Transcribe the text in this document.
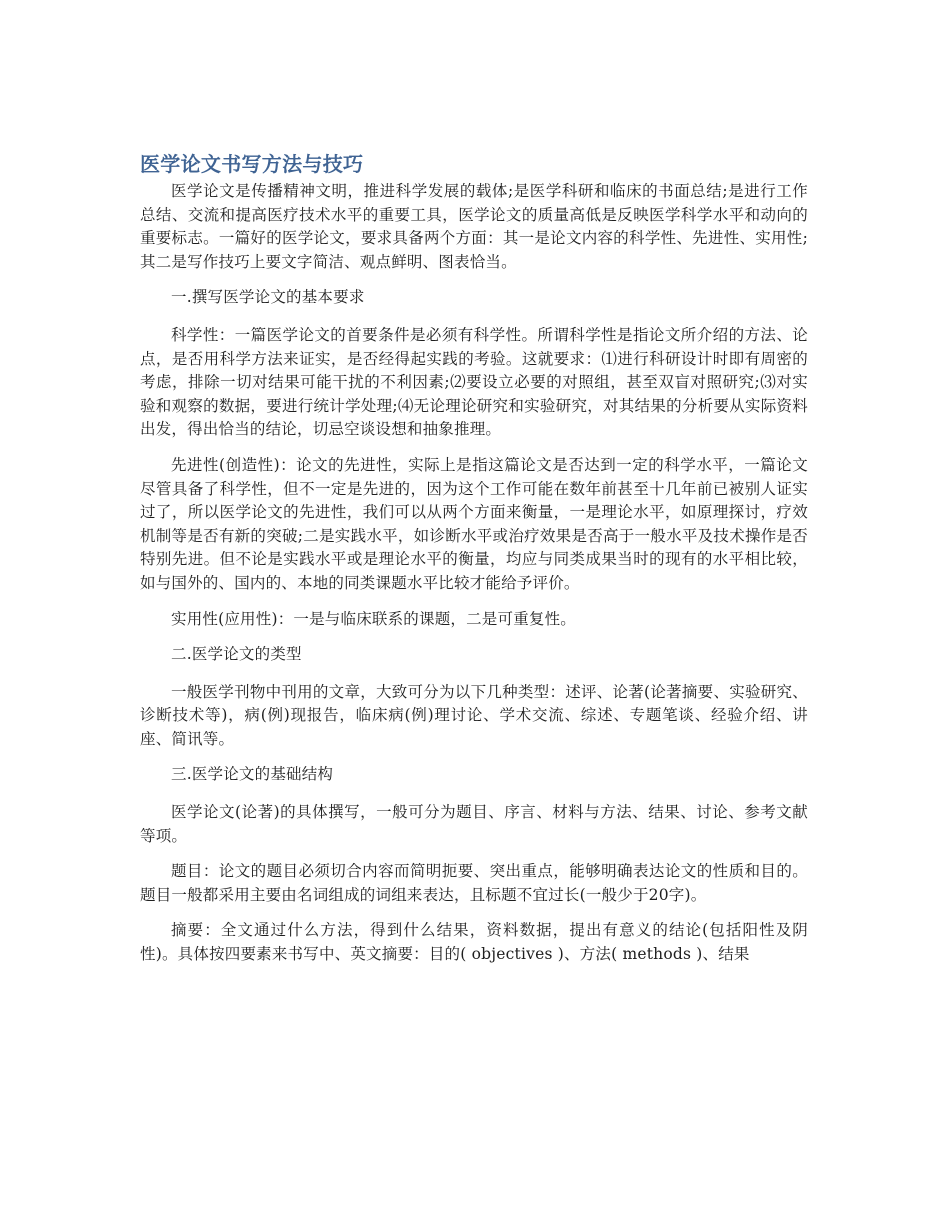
医学论文书写方法与技巧

医学论文是传播精神文明，推进科学发展的载体;是医学科研和临床的书面总结;是进行工作总结、交流和提高医疗技术水平的重要工具，医学论文的质量高低是反映医学科学水平和动向的重要标志。一篇好的医学论文，要求具备两个方面：其一是论文内容的科学性、先进性、实用性;其二是写作技巧上要文字简洁、观点鲜明、图表恰当。

一.撰写医学论文的基本要求

科学性：一篇医学论文的首要条件是必须有科学性。所谓科学性是指论文所介绍的方法、论点，是否用科学方法来证实，是否经得起实践的考验。这就要求：⑴进行科研设计时即有周密的考虑，排除一切对结果可能干扰的不利因素;⑵要设立必要的对照组，甚至双盲对照研究;⑶对实验和观察的数据，要进行统计学处理;⑷无论理论研究和实验研究，对其结果的分析要从实际资料出发，得出恰当的结论，切忌空谈设想和抽象推理。

先进性(创造性)：论文的先进性，实际上是指这篇论文是否达到一定的科学水平，一篇论文尽管具备了科学性，但不一定是先进的，因为这个工作可能在数年前甚至十几年前已被别人证实过了，所以医学论文的先进性，我们可以从两个方面来衡量，一是理论水平，如原理探讨，疗效机制等是否有新的突破;二是实践水平，如诊断水平或治疗效果是否高于一般水平及技术操作是否特别先进。但不论是实践水平或是理论水平的衡量，均应与同类成果当时的现有的水平相比较，如与国外的、国内的、本地的同类课题水平比较才能给予评价。

实用性(应用性)：一是与临床联系的课题，二是可重复性。

二.医学论文的类型

一般医学刊物中刊用的文章，大致可分为以下几种类型：述评、论著(论著摘要、实验研究、诊断技术等)，病(例)现报告，临床病(例)理讨论、学术交流、综述、专题笔谈、经验介绍、讲座、简讯等。

三.医学论文的基础结构

医学论文(论著)的具体撰写，一般可分为题目、序言、材料与方法、结果、讨论、参考文献等项。

题目：论文的题目必须切合内容而简明扼要、突出重点，能够明确表达论文的性质和目的。题目一般都采用主要由名词组成的词组来表达，且标题不宜过长(一般少于20字)。

摘要：全文通过什么方法，得到什么结果，资料数据，提出有意义的结论(包括阳性及阴性)。具体按四要素来书写中、英文摘要：目的( objectives )、方法( methods )、结果
